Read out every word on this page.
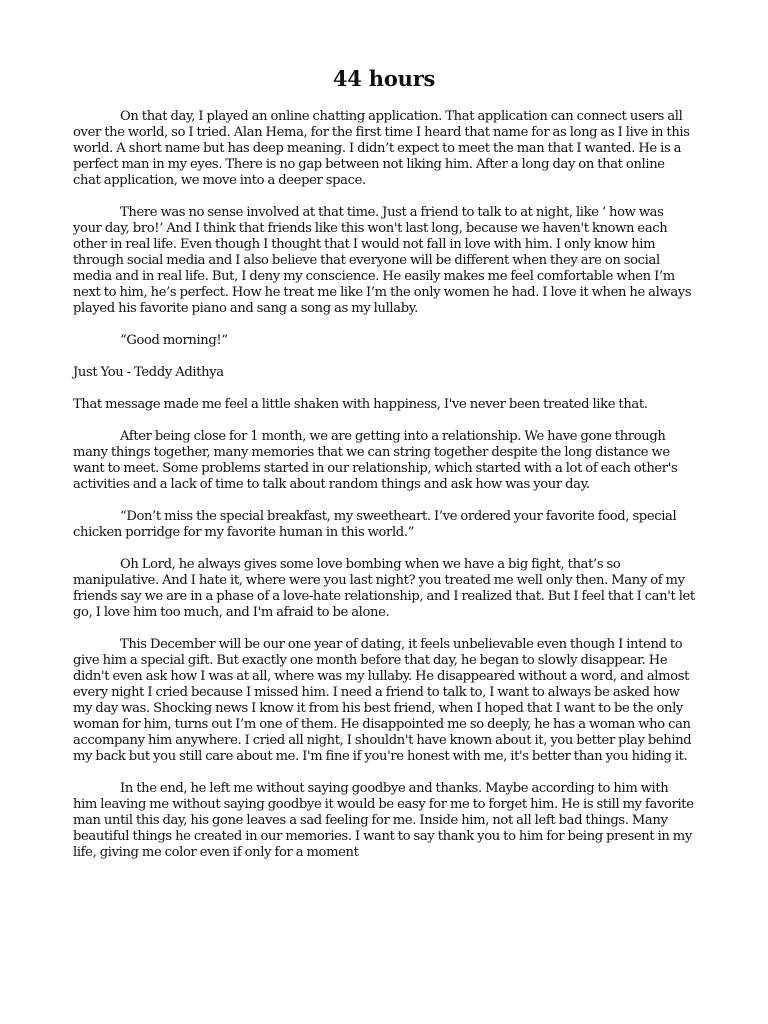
44 hours

On that day, I played an online chatting application. That application can connect users all over the world, so I tried. Alan Hema, for the first time I heard that name for as long as I live in this world. A short name but has deep meaning. I didn’t expect to meet the man that I wanted. He is a perfect man in my eyes. There is no gap between not liking him. After a long day on that online chat application, we move into a deeper space.

There was no sense involved at that time. Just a friend to talk to at night, like ‘ how was your day, bro!’ And I think that friends like this won't last long, because we haven't known each other in real life. Even though I thought that I would not fall in love with him. I only know him through social media and I also believe that everyone will be different when they are on social media and in real life. But, I deny my conscience. He easily makes me feel comfortable when I’m next to him, he’s perfect. How he treat me like I’m the only women he had. I love it when he always played his favorite piano and sang a song as my lullaby.

“Good morning!”

Just You - Teddy Adithya

That message made me feel a little shaken with happiness, I've never been treated like that.

After being close for 1 month, we are getting into a relationship. We have gone through many things together, many memories that we can string together despite the long distance we want to meet. Some problems started in our relationship, which started with a lot of each other's activities and a lack of time to talk about random things and ask how was your day.

“Don’t miss the special breakfast, my sweetheart. I’ve ordered your favorite food, special chicken porridge for my favorite human in this world.”

Oh Lord, he always gives some love bombing when we have a big fight, that’s so manipulative. And I hate it, where were you last night? you treated me well only then. Many of my friends say we are in a phase of a love-hate relationship, and I realized that. But I feel that I can't let go, I love him too much, and I'm afraid to be alone.

This December will be our one year of dating, it feels unbelievable even though I intend to give him a special gift. But exactly one month before that day, he began to slowly disappear. He didn't even ask how I was at all, where was my lullaby. He disappeared without a word, and almost every night I cried because I missed him. I need a friend to talk to, I want to always be asked how my day was. Shocking news I know it from his best friend, when I hoped that I want to be the only woman for him, turns out I’m one of them. He disappointed me so deeply, he has a woman who can accompany him anywhere. I cried all night, I shouldn't have known about it, you better play behind my back but you still care about me. I'm fine if you're honest with me, it's better than you hiding it.

In the end, he left me without saying goodbye and thanks. Maybe according to him with him leaving me without saying goodbye it would be easy for me to forget him. He is still my favorite man until this day, his gone leaves a sad feeling for me. Inside him, not all left bad things. Many beautiful things he created in our memories. I want to say thank you to him for being present in my life, giving me color even if only for a moment
